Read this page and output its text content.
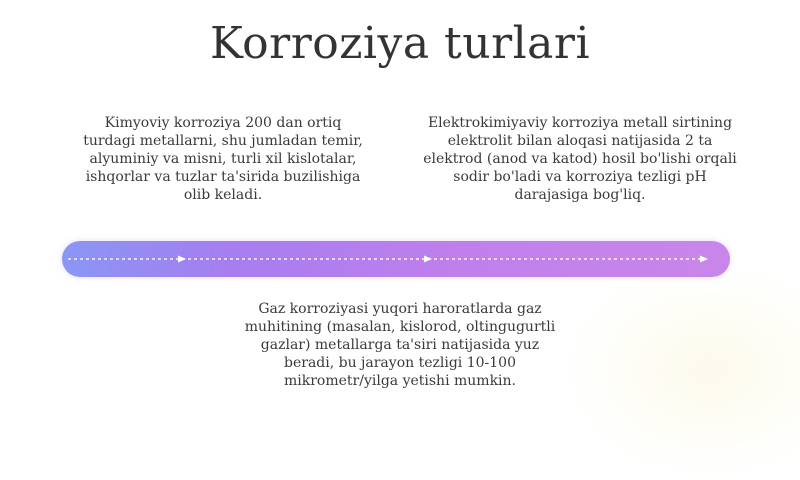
Korroziya turlari

Kimyoviy korroziya 200 dan ortiq turdagi metallarni, shu jumladan temir, alyuminiy va misni, turli xil kislotalar, ishqorlar va tuzlar ta'sirida buzilishiga olib keladi.

Elektrokimiyaviy korroziya metall sirtining elektrolit bilan aloqasi natijasida 2 ta elektrod (anod va katod) hosil bo'lishi orqali sodir bo'ladi va korroziya tezligi pH darajasiga bog'liq.

Gaz korroziyasi yuqori haroratlarda gaz muhitining (masalan, kislorod, oltingugurtli gazlar) metallarga ta'siri natijasida yuz beradi, bu jarayon tezligi 10-100 mikrometr/yilga yetishi mumkin.
